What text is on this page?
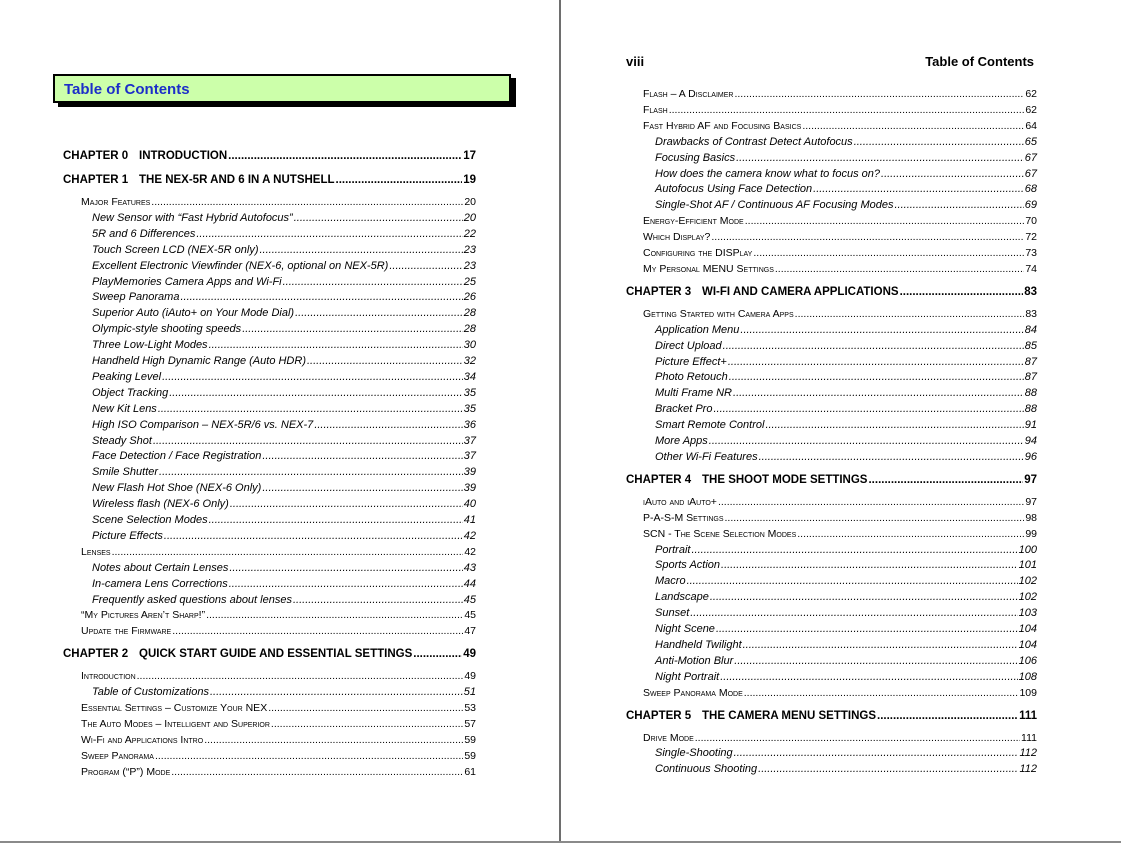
Table of Contents
CHAPTER 0 INTRODUCTION .....	17
CHAPTER 1 THE NEX-5R AND 6 IN A NUTSHELL .....	19
Major Features .....	20
New Sensor with “Fast Hybrid Autofocus” .....	20
5R and 6 Differences .....	22
Touch Screen LCD (NEX-5R only) .....	23
Excellent Electronic Viewfinder (NEX-6, optional on NEX-5R) .....	23
PlayMemories Camera Apps and Wi-Fi .....	25
Sweep Panorama .....	26
Superior Auto (iAuto+ on Your Mode Dial) .....	28
Olympic-style shooting speeds .....	28
Three Low-Light Modes .....	30
Handheld High Dynamic Range (Auto HDR) .....	32
Peaking Level .....	34
Object Tracking .....	35
New Kit Lens .....	35
High ISO Comparison – NEX-5R/6 vs. NEX-7 .....	36
Steady Shot .....	37
Face Detection / Face Registration .....	37
Smile Shutter .....	39
New Flash Hot Shoe (NEX-6 Only) .....	39
Wireless flash (NEX-6 Only) .....	40
Scene Selection Modes .....	41
Picture Effects .....	42
Lenses .....	42
Notes about Certain Lenses .....	43
In-camera Lens Corrections .....	44
Frequently asked questions about lenses .....	45
“My Pictures Aren’t Sharp!” .....	45
Update the Firmware .....	47
CHAPTER 2 QUICK START GUIDE AND ESSENTIAL SETTINGS .....	49
Introduction .....	49
Table of Customizations .....	51
Essential Settings – Customize Your NEX .....	53
The Auto Modes – Intelligent and Superior .....	57
Wi-Fi and Applications Intro .....	59
Sweep Panorama .....	59
Program (“P”) Mode .....	61
viii	Table of Contents
Flash – A Disclaimer .....	62
Flash .....	62
Fast Hybrid AF and Focusing Basics .....	64
Drawbacks of Contrast Detect Autofocus .....	65
Focusing Basics .....	67
How does the camera know what to focus on? .....	67
Autofocus Using Face Detection .....	68
Single-Shot AF / Continuous AF Focusing Modes .....	69
Energy-Efficient Mode .....	70
Which Display? .....	72
Configuring the DISPlay .....	73
My Personal MENU Settings .....	74
CHAPTER 3 WI-FI AND CAMERA APPLICATIONS .....	83
Getting Started with Camera Apps .....	83
Application Menu .....	84
Direct Upload .....	85
Picture Effect+ .....	87
Photo Retouch .....	87
Multi Frame NR .....	88
Bracket Pro .....	88
Smart Remote Control .....	91
More Apps .....	94
Other Wi-Fi Features .....	96
CHAPTER 4 THE SHOOT MODE SETTINGS .....	97
iAuto and iAuto+ .....	97
P-A-S-M Settings .....	98
SCN - The Scene Selection Modes .....	99
Portrait .....	100
Sports Action .....	101
Macro .....	102
Landscape .....	102
Sunset .....	103
Night Scene .....	104
Handheld Twilight .....	104
Anti-Motion Blur .....	106
Night Portrait .....	108
Sweep Panorama Mode .....	109
CHAPTER 5 THE CAMERA MENU SETTINGS .....	111
Drive Mode .....	111
Single-Shooting .....	112
Continuous Shooting .....	112
